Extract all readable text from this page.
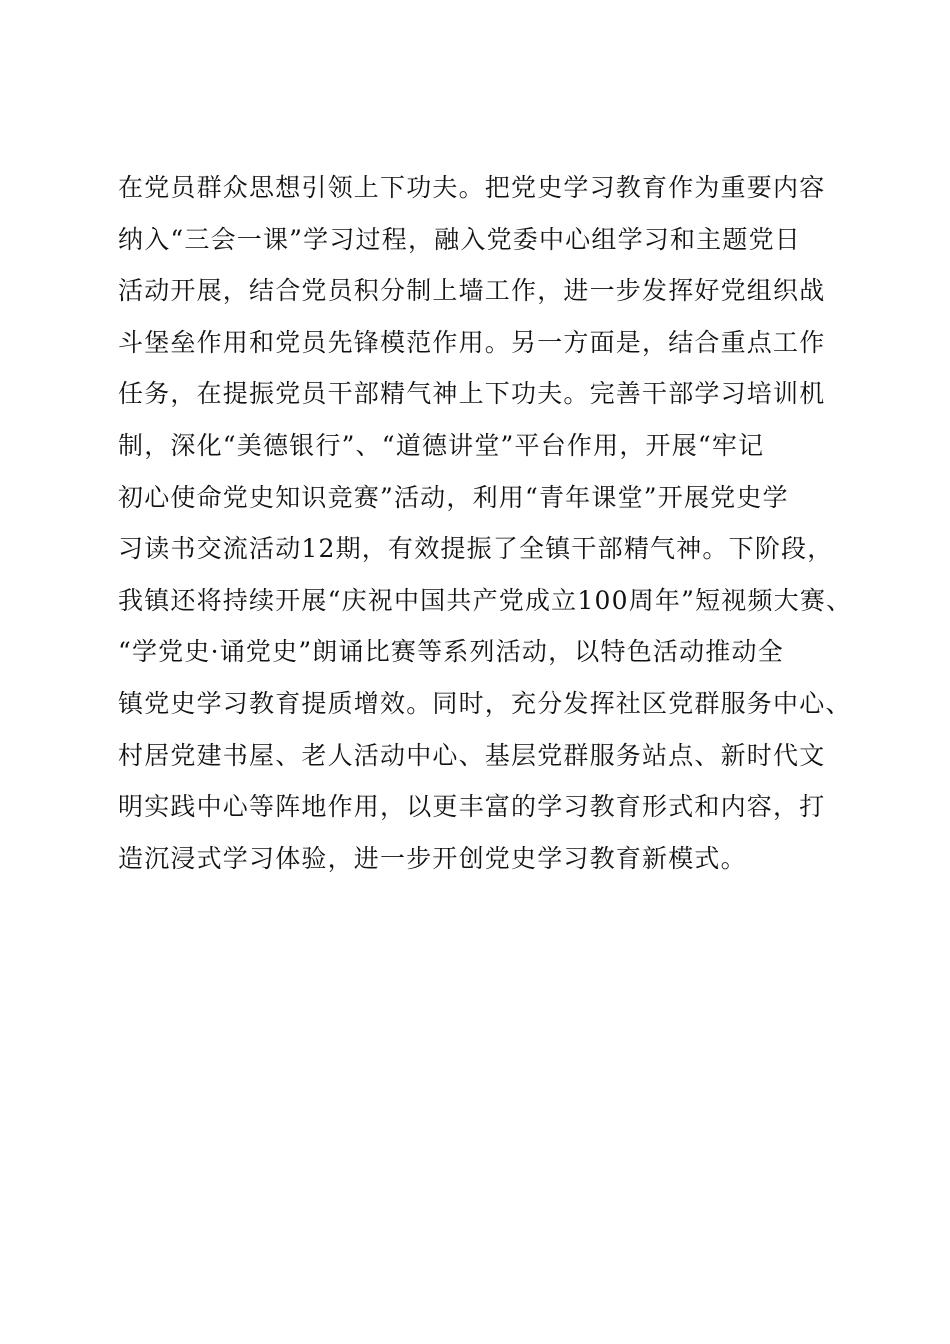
在党员群众思想引领上下功夫。把党史学习教育作为重要内容
纳入“三会一课”学习过程，融入党委中心组学习和主题党日
活动开展，结合党员积分制上墙工作，进一步发挥好党组织战
斗堡垒作用和党员先锋模范作用。另一方面是，结合重点工作
任务，在提振党员干部精气神上下功夫。完善干部学习培训机
制，深化“美德银行”、“道德讲堂”平台作用，开展“牢记
初心使命党史知识竞赛”活动，利用“青年课堂”开展党史学
习读书交流活动12期，有效提振了全镇干部精气神。下阶段，
我镇还将持续开展“庆祝中国共产党成立100周年”短视频大赛、
“学党史·诵党史”朗诵比赛等系列活动，以特色活动推动全
镇党史学习教育提质增效。同时，充分发挥社区党群服务中心、
村居党建书屋、老人活动中心、基层党群服务站点、新时代文
明实践中心等阵地作用，以更丰富的学习教育形式和内容，打
造沉浸式学习体验，进一步开创党史学习教育新模式。
